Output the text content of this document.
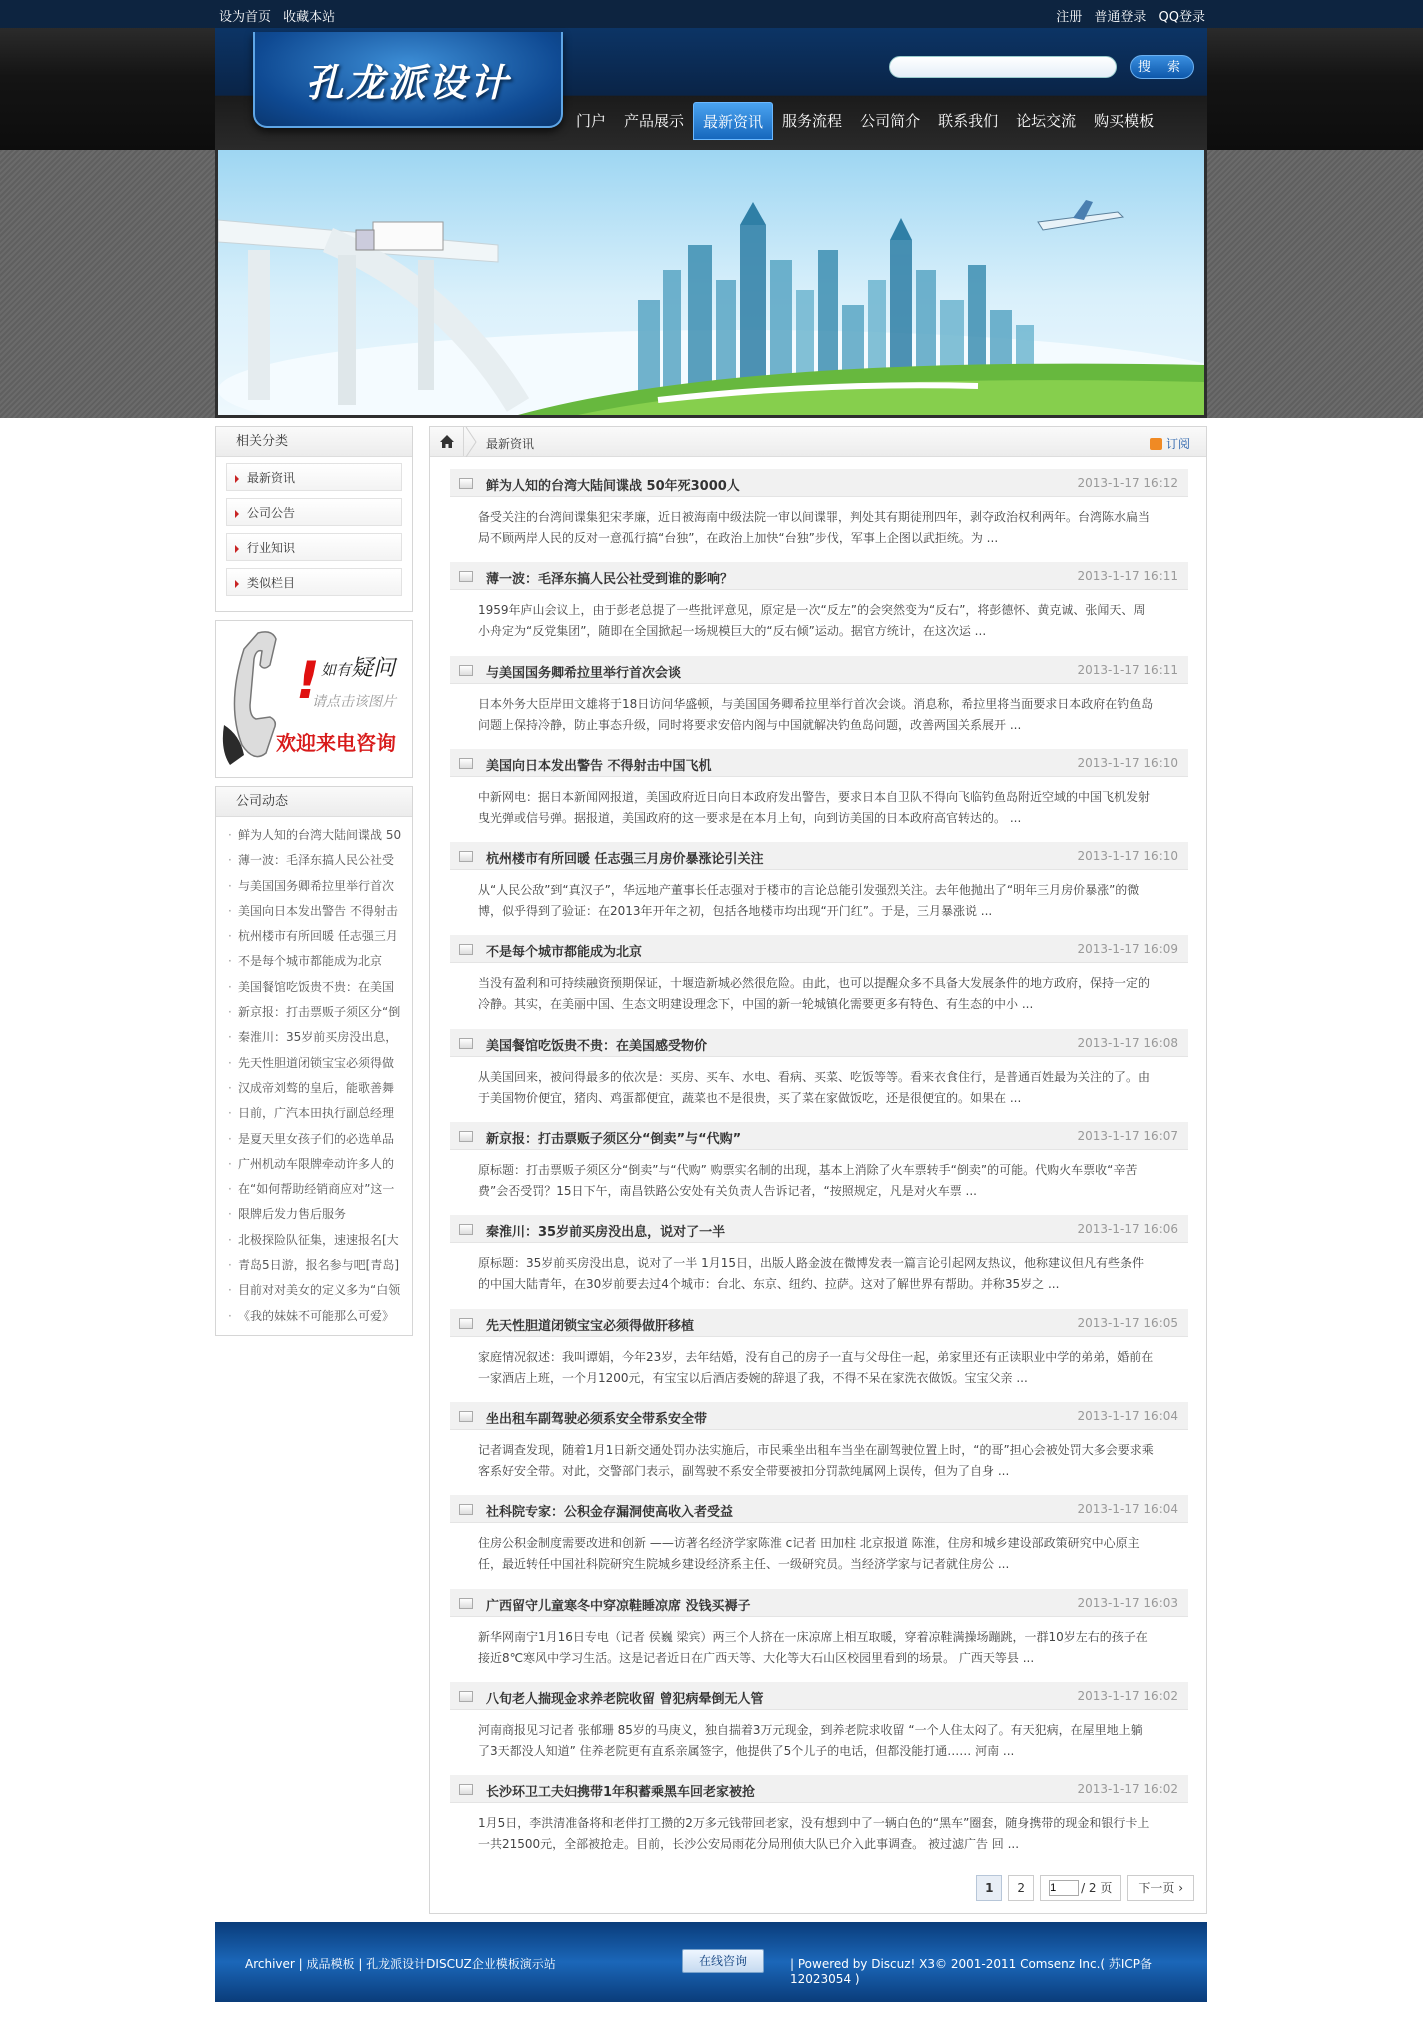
设为首页 收藏本站	注册 普通登录 QQ登录
孔龙派设计	搜 索
门户	产品展示	最新资讯	服务流程	公司简介	联系我们	论坛交流	购买模板
相关分类
最新资讯
公司公告
行业知识
类似栏目
! 如有疑问
请点击该图片
欢迎来电咨询
公司动态
· 鲜为人知的台湾大陆间谍战 50
· 薄一波：毛泽东搞人民公社受
· 与美国国务卿希拉里举行首次
· 美国向日本发出警告 不得射击
· 杭州楼市有所回暖 任志强三月
· 不是每个城市都能成为北京
· 美国餐馆吃饭贵不贵：在美国
· 新京报：打击票贩子须区分“倒
· 秦淮川：35岁前买房没出息，
· 先天性胆道闭锁宝宝必须得做
· 汉成帝刘骜的皇后，能歌善舞
· 日前，广汽本田执行副总经理
· 是夏天里女孩子们的必选单品
· 广州机动车限牌牵动许多人的
· 在“如何帮助经销商应对”这一
· 限牌后发力售后服务
· 北极探险队征集，速速报名[大
· 青岛5日游，报名参与吧[青岛]
· 目前对对美女的定义多为“白领
· 《我的妹妹不可能那么可爱》
最新资讯	订阅
鲜为人知的台湾大陆间谍战 50年死3000人	2013-1-17 16:12
备受关注的台湾间谍集犯宋孝廉，近日被海南中级法院一审以间谍罪，判处其有期徒刑四年，剥夺政治权利两年。台湾陈水扁当局不顾两岸人民的反对一意孤行搞“台独”，在政治上加快“台独”步伐，军事上企图以武拒统。为 ...
薄一波：毛泽东搞人民公社受到谁的影响？	2013-1-17 16:11
1959年庐山会议上，由于彭老总提了一些批评意见，原定是一次“反左”的会突然变为“反右”，将彭德怀、黄克诚、张闻天、周小舟定为“反党集团”，随即在全国掀起一场规模巨大的“反右倾”运动。据官方统计，在这次运 ...
与美国国务卿希拉里举行首次会谈	2013-1-17 16:11
日本外务大臣岸田文雄将于18日访问华盛顿，与美国国务卿希拉里举行首次会谈。消息称，希拉里将当面要求日本政府在钓鱼岛问题上保持冷静，防止事态升级，同时将要求安倍内阁与中国就解决钓鱼岛问题，改善两国关系展开 ...
美国向日本发出警告 不得射击中国飞机	2013-1-17 16:10
中新网电：据日本新闻网报道，美国政府近日向日本政府发出警告，要求日本自卫队不得向飞临钓鱼岛附近空域的中国飞机发射曳光弹或信号弹。据报道，美国政府的这一要求是在本月上旬，向到访美国的日本政府高官转达的。 ...
杭州楼市有所回暖 任志强三月房价暴涨论引关注	2013-1-17 16:10
从“人民公敌”到“真汉子”，华远地产董事长任志强对于楼市的言论总能引发强烈关注。去年他抛出了“明年三月房价暴涨”的微博，似乎得到了验证：在2013年开年之初，包括各地楼市均出现“开门红”。于是，三月暴涨说 ...
不是每个城市都能成为北京	2013-1-17 16:09
当没有盈利和可持续融资预期保证，十堰造新城必然很危险。由此，也可以提醒众多不具备大发展条件的地方政府，保持一定的冷静。其实，在美丽中国、生态文明建设理念下，中国的新一轮城镇化需要更多有特色、有生态的中小 ...
美国餐馆吃饭贵不贵：在美国感受物价	2013-1-17 16:08
从美国回来，被问得最多的依次是：买房、买车、水电、看病、买菜、吃饭等等。看来衣食住行，是普通百姓最为关注的了。由于美国物价便宜，猪肉、鸡蛋都便宜，蔬菜也不是很贵，买了菜在家做饭吃，还是很便宜的。如果在 ...
新京报：打击票贩子须区分“倒卖”与“代购”	2013-1-17 16:07
原标题：打击票贩子须区分“倒卖”与“代购” 购票实名制的出现，基本上消除了火车票转手“倒卖”的可能。代购火车票收“辛苦费”会否受罚？15日下午，南昌铁路公安处有关负责人告诉记者，“按照规定，凡是对火车票 ...
秦淮川：35岁前买房没出息，说对了一半	2013-1-17 16:06
原标题：35岁前买房没出息，说对了一半 1月15日，出版人路金波在微博发表一篇言论引起网友热议，他称建议但凡有些条件的中国大陆青年，在30岁前要去过4个城市：台北、东京、纽约、拉萨。这对了解世界有帮助。并称35岁之 ...
先天性胆道闭锁宝宝必须得做肝移植	2013-1-17 16:05
家庭情况叙述：我叫谭娟，今年23岁，去年结婚，没有自己的房子一直与父母住一起，弟家里还有正读职业中学的弟弟，婚前在一家酒店上班，一个月1200元，有宝宝以后酒店委婉的辞退了我，不得不呆在家洗衣做饭。宝宝父亲 ...
坐出租车副驾驶必须系安全带系安全带	2013-1-17 16:04
记者调查发现，随着1月1日新交通处罚办法实施后，市民乘坐出租车当坐在副驾驶位置上时，“的哥”担心会被处罚大多会要求乘客系好安全带。对此，交警部门表示，副驾驶不系安全带要被扣分罚款纯属网上误传，但为了自身 ...
社科院专家：公积金存漏洞使高收入者受益	2013-1-17 16:04
住房公积金制度需要改进和创新 ——访著名经济学家陈淮 c记者 田加柱 北京报道 陈淮，住房和城乡建设部政策研究中心原主任，最近转任中国社科院研究生院城乡建设经济系主任、一级研究员。当经济学家与记者就住房公 ...
广西留守儿童寒冬中穿凉鞋睡凉席 没钱买褥子	2013-1-17 16:03
新华网南宁1月16日专电（记者 侯巍 梁宾）两三个人挤在一床凉席上相互取暖，穿着凉鞋满操场蹦跳，一群10岁左右的孩子在接近8℃寒风中学习生活。这是记者近日在广西天等、大化等大石山区校园里看到的场景。 广西天等县 ...
八旬老人揣现金求养老院收留 曾犯病晕倒无人管	2013-1-17 16:02
河南商报见习记者 张郁珊 85岁的马庚义，独自揣着3万元现金，到养老院求收留 “一个人住太闷了。有天犯病，在屋里地上躺了3天都没人知道” 住养老院更有直系亲属签字，他提供了5个儿子的电话，但都没能打通…… 河南 ...
长沙环卫工夫妇携带1年积蓄乘黑车回老家被抢	2013-1-17 16:02
1月5日，李洪清准备将和老伴打工攒的2万多元钱带回老家，没有想到中了一辆白色的“黑车”圈套，随身携带的现金和银行卡上一共21500元，全部被抢走。目前，长沙公安局雨花分局刑侦大队已介入此事调查。 被过滤广告 回 ...
1	2
1	/ 2 页	下一页 ›
Archiver | 成品模板 | 孔龙派设计DISCUZ企业模板演示站	在线咨询	| Powered by Discuz! X3© 2001-2011 Comsenz Inc.( 苏ICP备12023054 )
